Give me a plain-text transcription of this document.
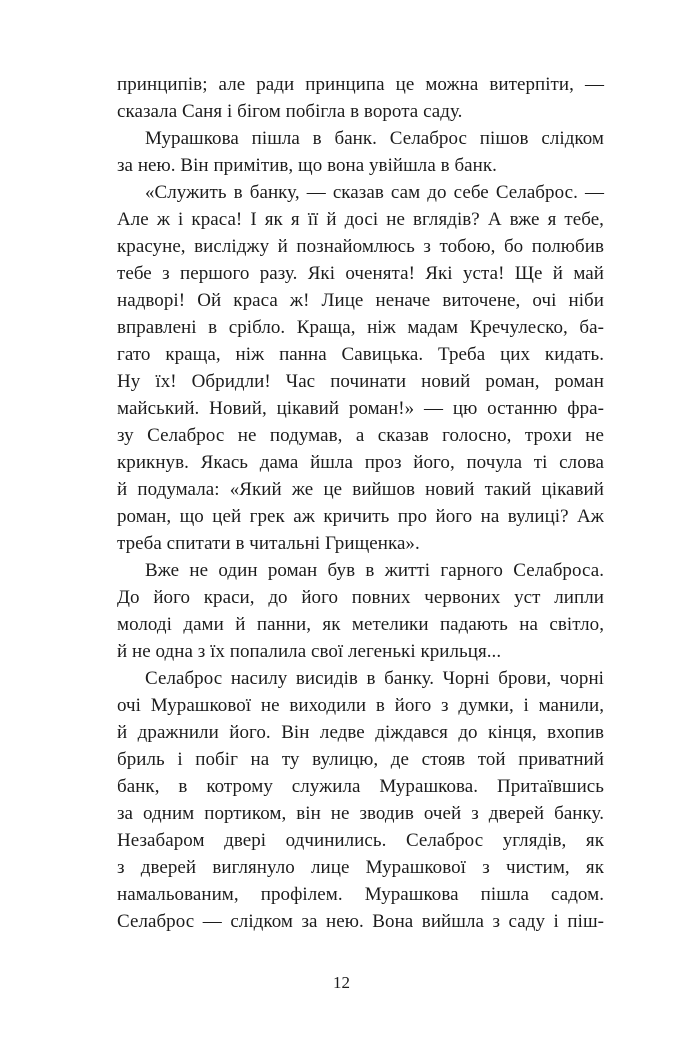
принципів; але ради принципа це можна витерпіти, —
сказала Саня і бігом побігла в ворота саду.
Мурашкова пішла в банк. Селаброс пішов слідком
за нею. Він примітив, що вона увійшла в банк.
«Служить в банку, — сказав сам до себе Селаброс. —
Але ж і краса! І як я її й досі не вглядів? А вже я тебе,
красуне, вислiджу й познайомлюсь з тобою, бо полюбив
тебе з першого разу. Які оченята! Які уста! Ще й май
надворі! Ой краса ж! Лице неначе виточене, очі ніби
вправлені в срібло. Краща, ніж мадам Кречулеско, ба-
гато краща, ніж панна Савицька. Треба цих кидать.
Ну їх! Обридли! Час починати новий роман, роман
майський. Новий, цікавий роман!» — цю останню фра-
зу Селаброс не подумав, а сказав голосно, трохи не
крикнув. Якась дама йшла проз його, почула ті слова
й подумала: «Який же це вийшов новий такий цікавий
роман, що цей грек аж кричить про його на вулиці? Аж
треба спитати в читальні Грищенка».
Вже не один роман був в житті гарного Селаброса.
До його краси, до його повних червоних уст липли
молоді дами й панни, як метелики падають на світло,
й не одна з їх попалила свої легенькі крильця...
Селаброс насилу висидів в банку. Чорні брови, чорні
очі Мурашкової не виходили в його з думки, і манили,
й дражнили його. Він ледве діждався до кінця, вхопив
бриль і побіг на ту вулицю, де стояв той приватний
банк, в котрому служила Мурашкова. Притаївшись
за одним портиком, він не зводив очей з дверей банку.
Незабаром двері одчинились. Селаброс углядів, як
з дверей виглянуло лице Мурашкової з чистим, як
намальованим, профілем. Мурашкова пішла садом.
Селаброс — слідком за нею. Вона вийшла з саду і пiш-
12
